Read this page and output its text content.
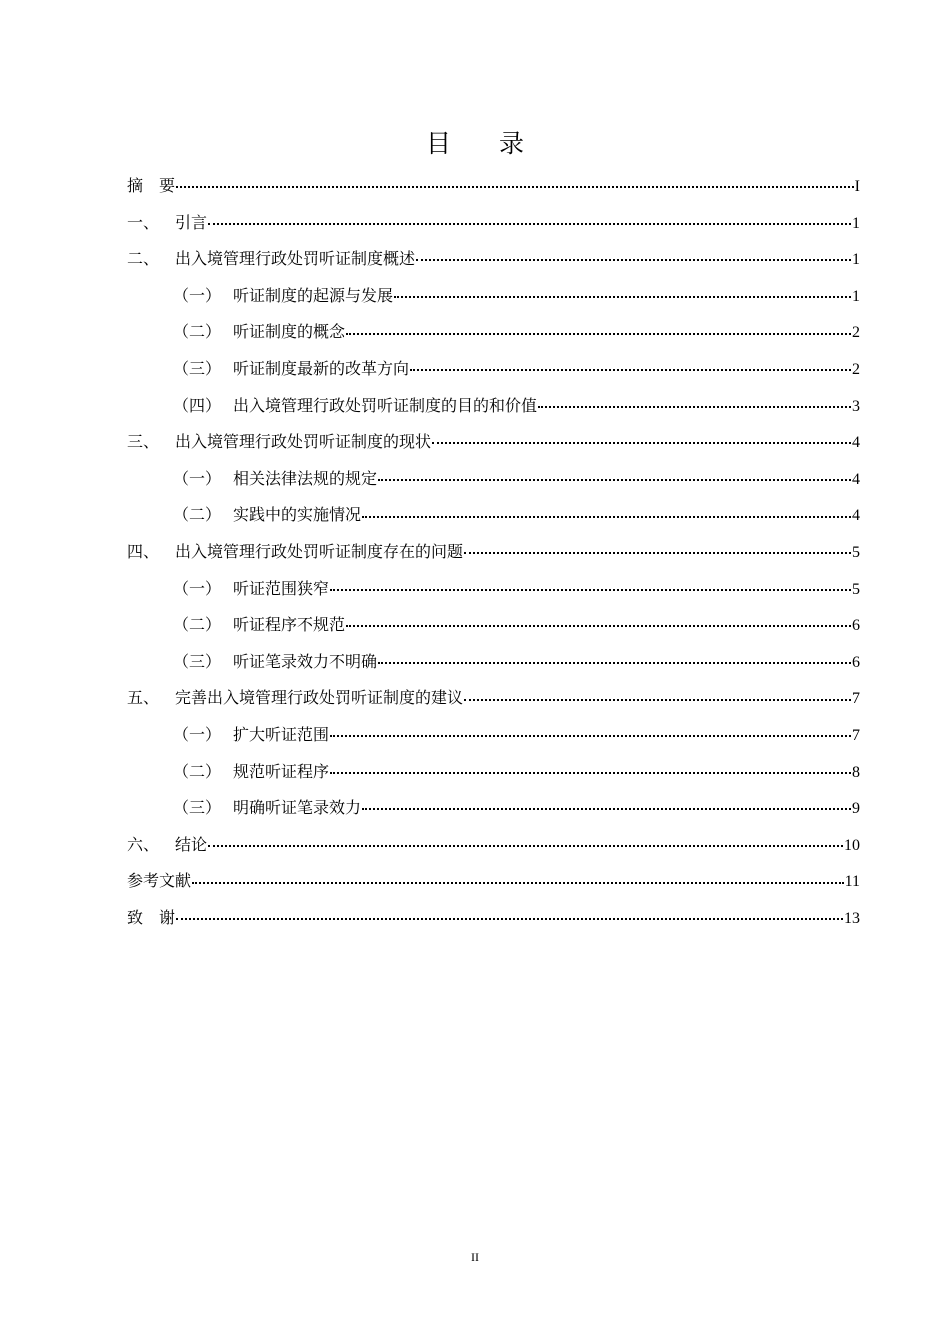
目 录
摘　要	I
一、 引言	1
二、 出入境管理行政处罚听证制度概述	1
（一） 听证制度的起源与发展	1
（二） 听证制度的概念	2
（三） 听证制度最新的改革方向	2
（四） 出入境管理行政处罚听证制度的目的和价值	3
三、 出入境管理行政处罚听证制度的现状	4
（一） 相关法律法规的规定	4
（二） 实践中的实施情况	4
四、 出入境管理行政处罚听证制度存在的问题	5
（一） 听证范围狭窄	5
（二） 听证程序不规范	6
（三） 听证笔录效力不明确	6
五、 完善出入境管理行政处罚听证制度的建议	7
（一） 扩大听证范围	7
（二） 规范听证程序	8
（三） 明确听证笔录效力	9
六、 结论	10
参考文献	11
致　谢	13
II
